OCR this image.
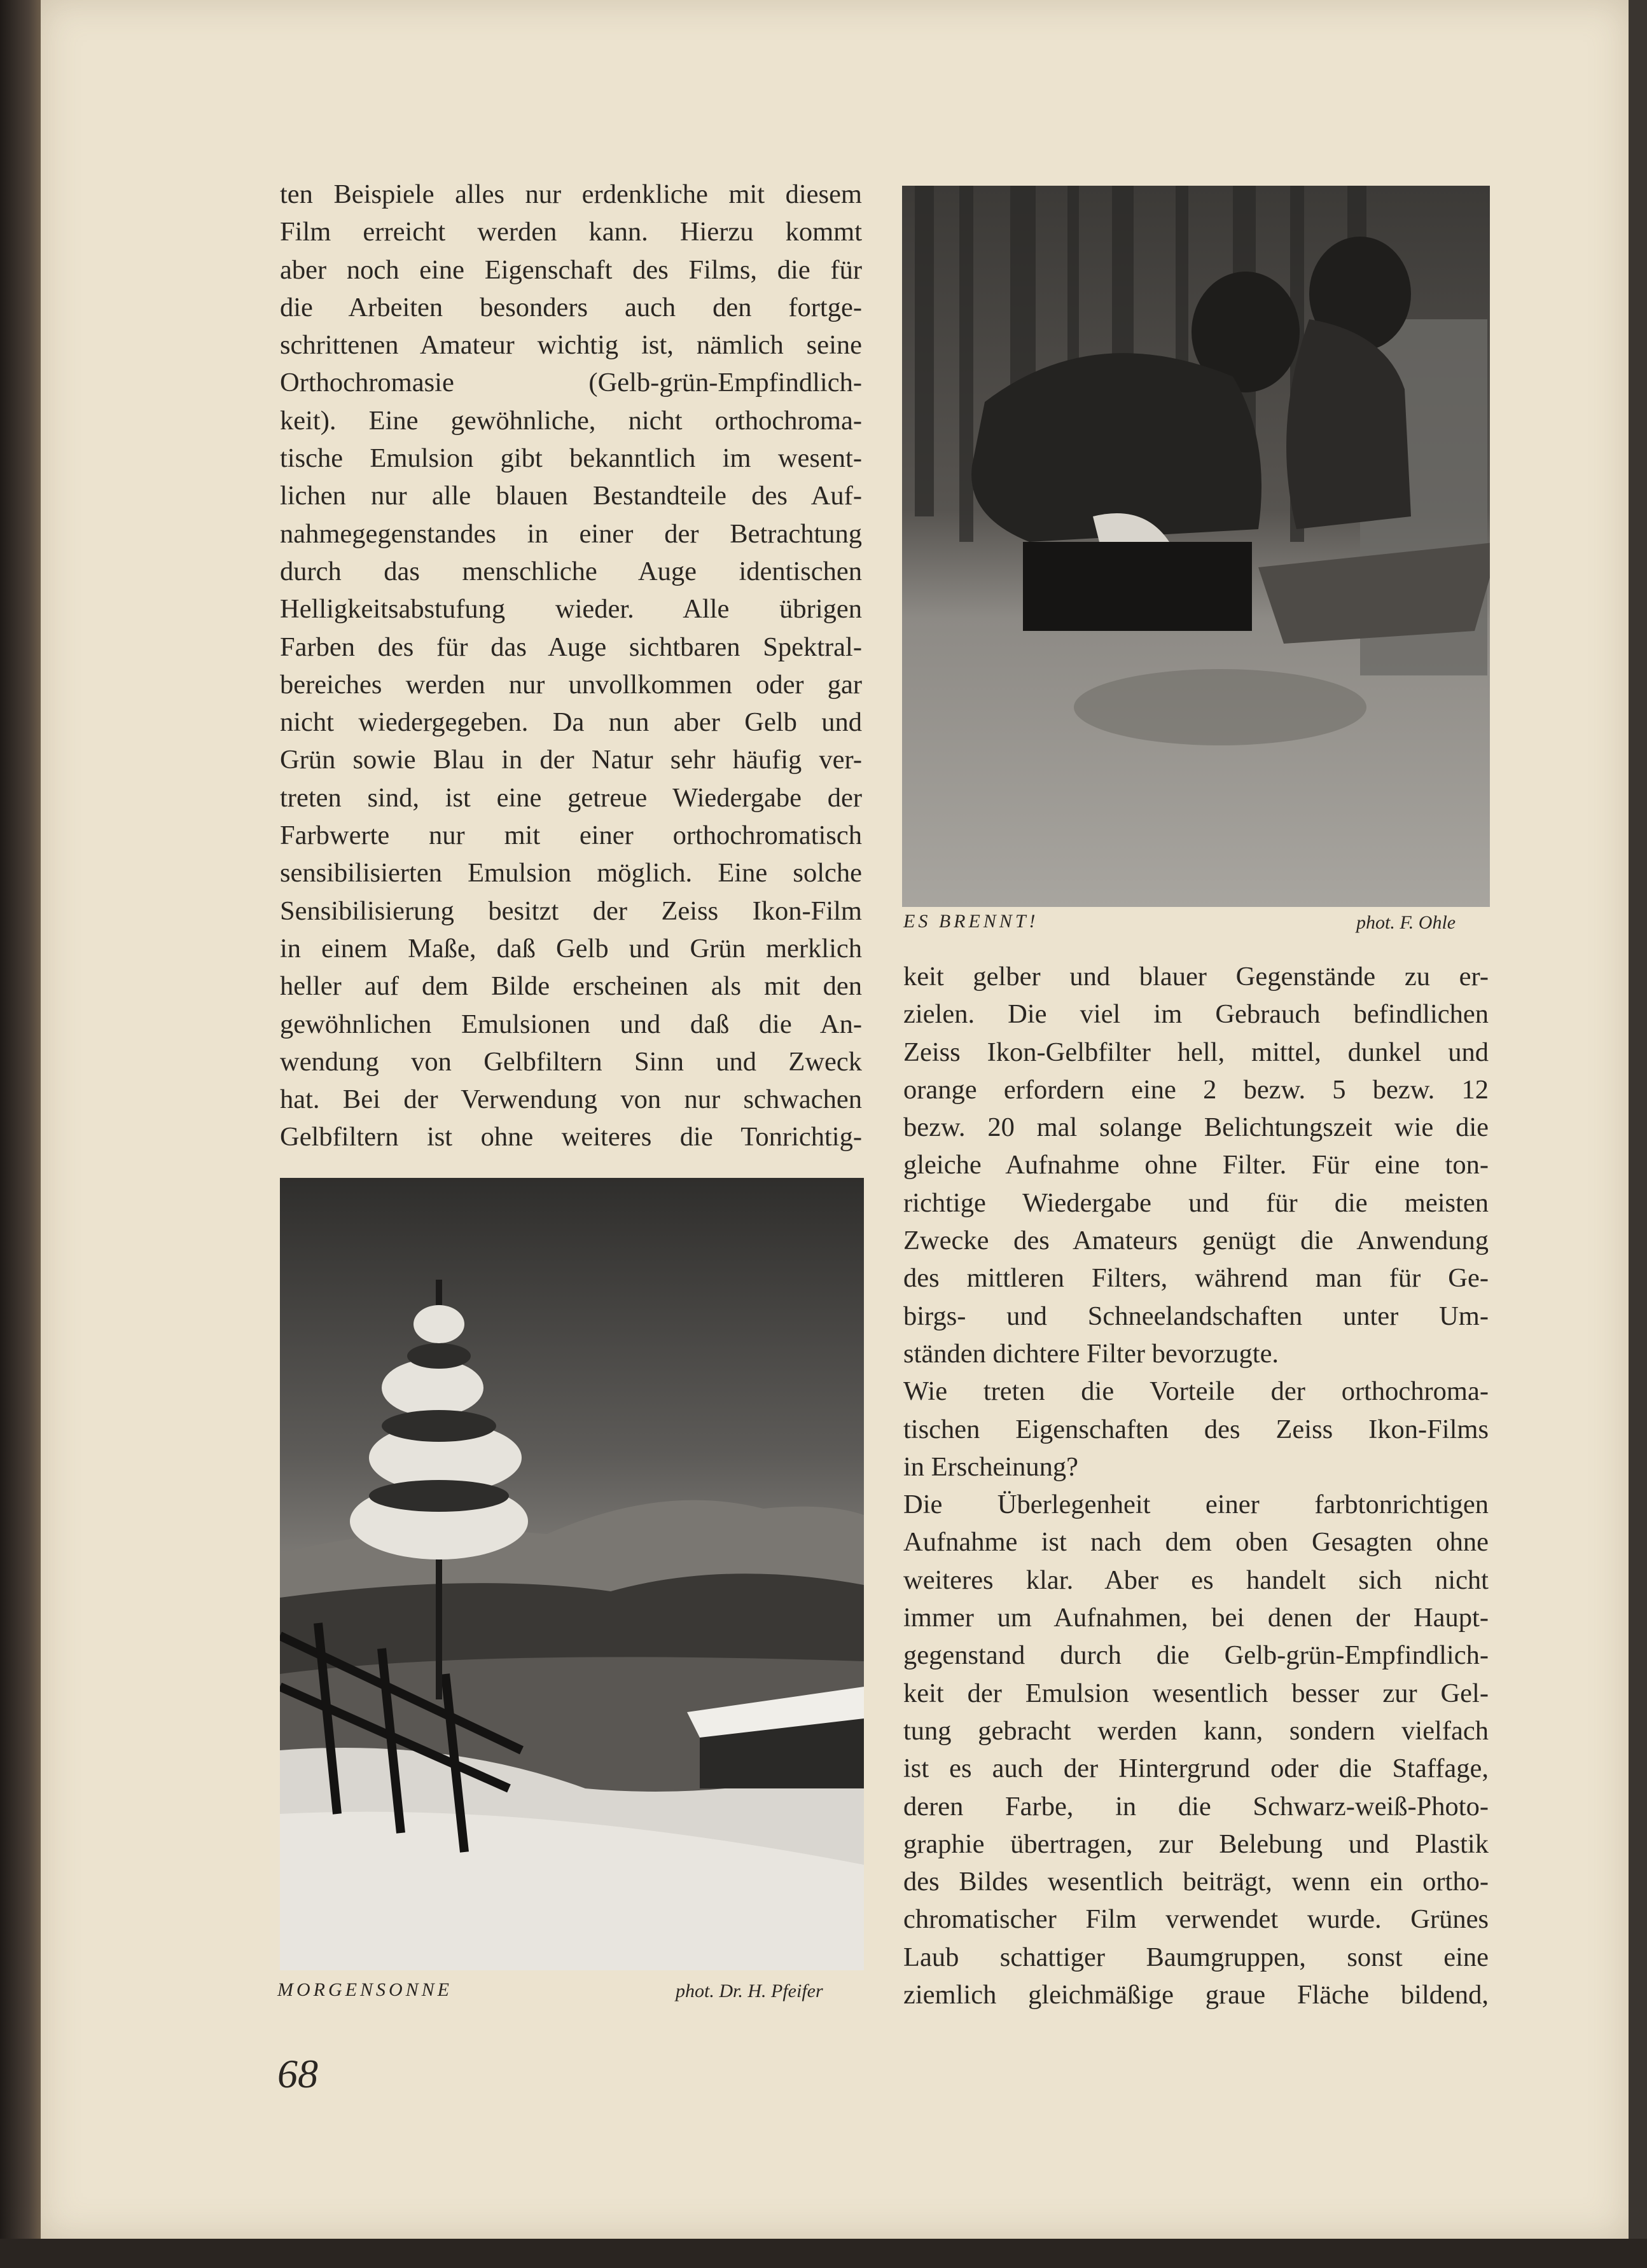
ten Beispiele alles nur erdenkliche mit diesem

Film erreicht werden kann. Hierzu kommt

aber noch eine Eigenschaft des Films, die für

die Arbeiten besonders auch den fortge-

schrittenen Amateur wichtig ist, nämlich seine

Orthochromasie (Gelb-grün-Empfindlich-

keit). Eine gewöhnliche, nicht orthochroma-

tische Emulsion gibt bekanntlich im wesent-

lichen nur alle blauen Bestandteile des Auf-

nahmegegenstandes in einer der Betrachtung

durch das menschliche Auge identischen

Helligkeitsabstufung wieder. Alle übrigen

Farben des für das Auge sichtbaren Spektral-

bereiches werden nur unvollkommen oder gar

nicht wiedergegeben. Da nun aber Gelb und

Grün sowie Blau in der Natur sehr häufig ver-

treten sind, ist eine getreue Wiedergabe der

Farbwerte nur mit einer orthochromatisch

sensibilisierten Emulsion möglich. Eine solche

Sensibilisierung besitzt der Zeiss Ikon-Film

in einem Maße, daß Gelb und Grün merklich

heller auf dem Bilde erscheinen als mit den

gewöhnlichen Emulsionen und daß die An-

wendung von Gelbfiltern Sinn und Zweck

hat. Bei der Verwendung von nur schwachen

Gelbfiltern ist ohne weiteres die Tonrichtig-

keit gelber und blauer Gegenstände zu er-

zielen. Die viel im Gebrauch befindlichen

Zeiss Ikon-Gelbfilter hell, mittel, dunkel und

orange erfordern eine 2 bezw. 5 bezw. 12

bezw. 20 mal solange Belichtungszeit wie die

gleiche Aufnahme ohne Filter. Für eine ton-

richtige Wiedergabe und für die meisten

Zwecke des Amateurs genügt die Anwendung

des mittleren Filters, während man für Ge-

birgs- und Schneelandschaften unter Um-

ständen dichtere Filter bevorzugte.

Wie treten die Vorteile der orthochroma-

tischen Eigenschaften des Zeiss Ikon-Films

in Erscheinung?

Die Überlegenheit einer farbtonrichtigen

Aufnahme ist nach dem oben Gesagten ohne

weiteres klar. Aber es handelt sich nicht

immer um Aufnahmen, bei denen der Haupt-

gegenstand durch die Gelb-grün-Empfindlich-

keit der Emulsion wesentlich besser zur Gel-

tung gebracht werden kann, sondern vielfach

ist es auch der Hintergrund oder die Staffage,

deren Farbe, in die Schwarz-weiß-Photo-

graphie übertragen, zur Belebung und Plastik

des Bildes wesentlich beiträgt, wenn ein ortho-

chromatischer Film verwendet wurde. Grünes

Laub schattiger Baumgruppen, sonst eine

ziemlich gleichmäßige graue Fläche bildend,

ES BRENNT!	phot. F. Ohle
MORGENSONNE	phot. Dr. H. Pfeifer
68
